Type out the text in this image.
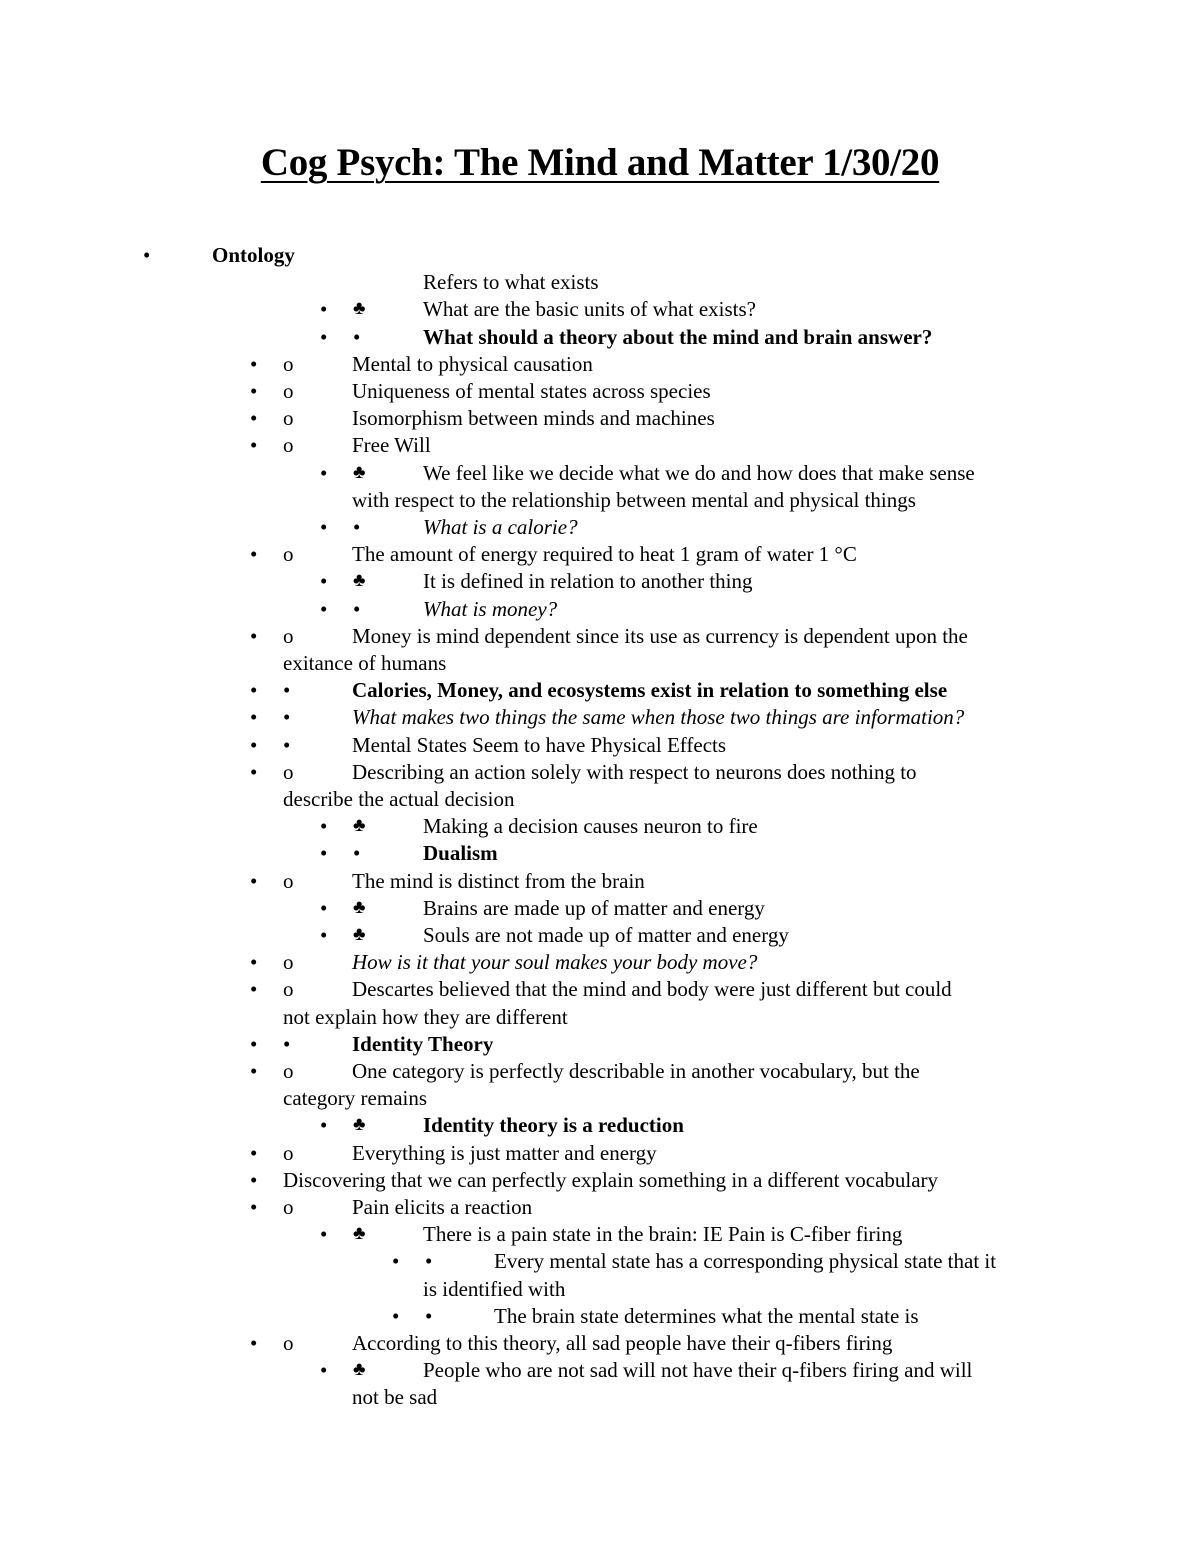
Cog Psych: The Mind and Matter 1/30/20
•	Ontology
Refers to what exists
•	♣	What are the basic units of what exists?
•	•	What should a theory about the mind and brain answer?
•	o	Mental to physical causation
•	o	Uniqueness of mental states across species
•	o	Isomorphism between minds and machines
•	o	Free Will
•	♣	We feel like we decide what we do and how does that make sense
with respect to the relationship between mental and physical things
•	•	What is a calorie?
•	o	The amount of energy required to heat 1 gram of water 1 °C
•	♣	It is defined in relation to another thing
•	•	What is money?
•	o	Money is mind dependent since its use as currency is dependent upon the
exitance of humans
•	•	Calories, Money, and ecosystems exist in relation to something else
•	•	What makes two things the same when those two things are information?
•	•	Mental States Seem to have Physical Effects
•	o	Describing an action solely with respect to neurons does nothing to
describe the actual decision
•	♣	Making a decision causes neuron to fire
•	•	Dualism
•	o	The mind is distinct from the brain
•	♣	Brains are made up of matter and energy
•	♣	Souls are not made up of matter and energy
•	o	How is it that your soul makes your body move?
•	o	Descartes believed that the mind and body were just different but could
not explain how they are different
•	•	Identity Theory
•	o	One category is perfectly describable in another vocabulary, but the
category remains
•	♣	Identity theory is a reduction
•	o	Everything is just matter and energy
•	Discovering that we can perfectly explain something in a different vocabulary
•	o	Pain elicits a reaction
•	♣	There is a pain state in the brain: IE Pain is C-fiber firing
•	•	Every mental state has a corresponding physical state that it
is identified with
•	•	The brain state determines what the mental state is
•	o	According to this theory, all sad people have their q-fibers firing
•	♣	People who are not sad will not have their q-fibers firing and will
not be sad
